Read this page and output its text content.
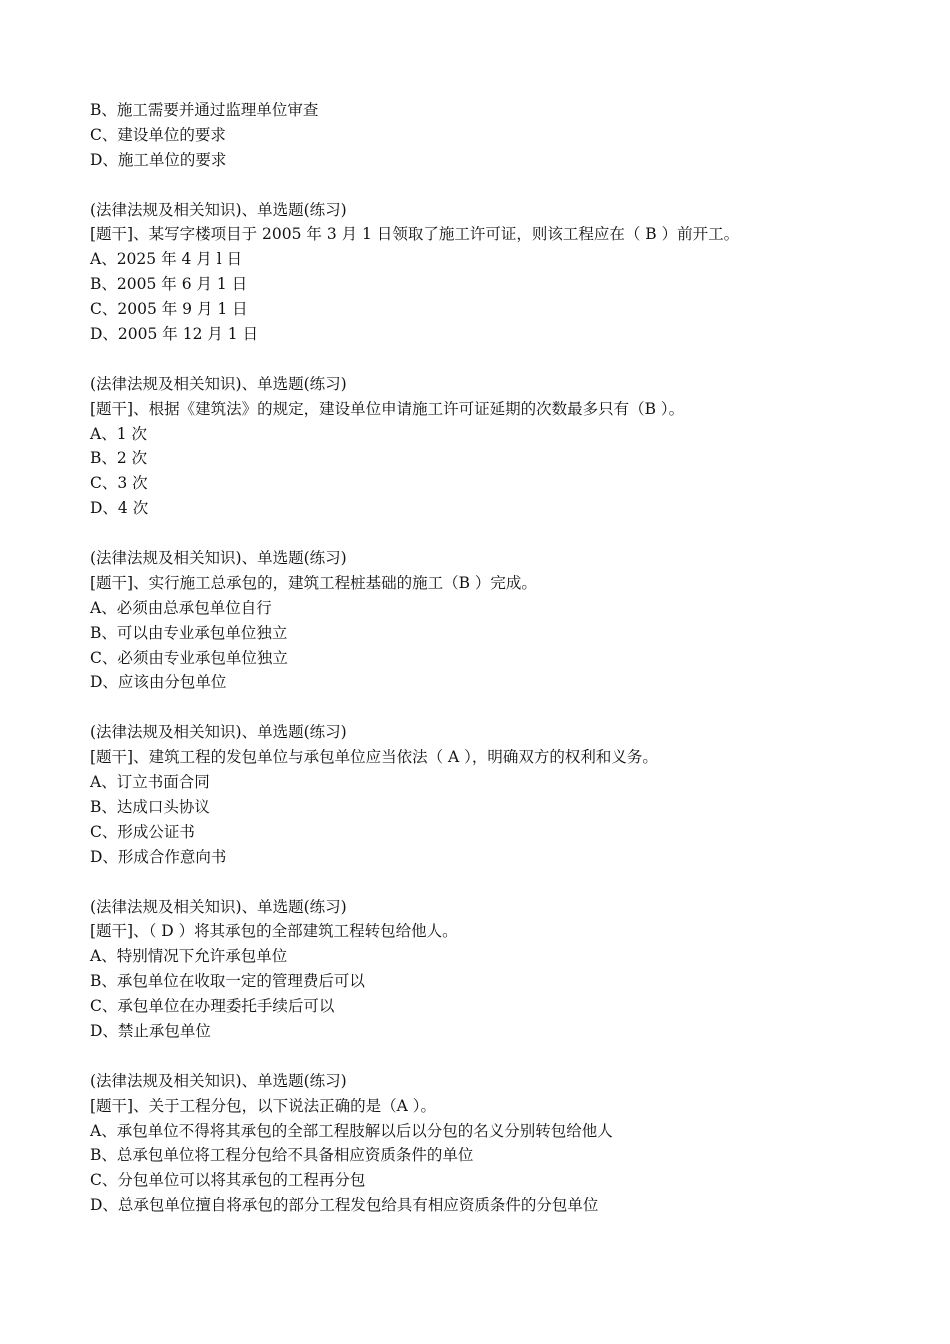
B、施工需要并通过监理单位审查
C、建设单位的要求
D、施工单位的要求
(法律法规及相关知识)、单选题(练习)
[题干]、某写字楼项目于 2005 年 3 月 1 日领取了施工许可证，则该工程应在（ B ）前开工。
A、2025 年 4 月 l 日
B、2005 年 6 月 1 日
C、2005 年 9 月 1 日
D、2005 年 12 月 1 日
(法律法规及相关知识)、单选题(练习)
[题干]、根据《建筑法》的规定，建设单位申请施工许可证延期的次数最多只有（B ）。
A、1 次
B、2 次
C、3 次
D、4 次
(法律法规及相关知识)、单选题(练习)
[题干]、实行施工总承包的，建筑工程桩基础的施工（B ）完成。
A、必须由总承包单位自行
B、可以由专业承包单位独立
C、必须由专业承包单位独立
D、应该由分包单位
(法律法规及相关知识)、单选题(练习)
[题干]、建筑工程的发包单位与承包单位应当依法（ A ），明确双方的权利和义务。
A、订立书面合同
B、达成口头协议
C、形成公证书
D、形成合作意向书
(法律法规及相关知识)、单选题(练习)
[题干]、（ D ）将其承包的全部建筑工程转包给他人。
A、特别情况下允许承包单位
B、承包单位在收取一定的管理费后可以
C、承包单位在办理委托手续后可以
D、禁止承包单位
(法律法规及相关知识)、单选题(练习)
[题干]、关于工程分包，以下说法正确的是（A ）。
A、承包单位不得将其承包的全部工程肢解以后以分包的名义分别转包给他人
B、总承包单位将工程分包给不具备相应资质条件的单位
C、分包单位可以将其承包的工程再分包
D、总承包单位擅自将承包的部分工程发包给具有相应资质条件的分包单位
